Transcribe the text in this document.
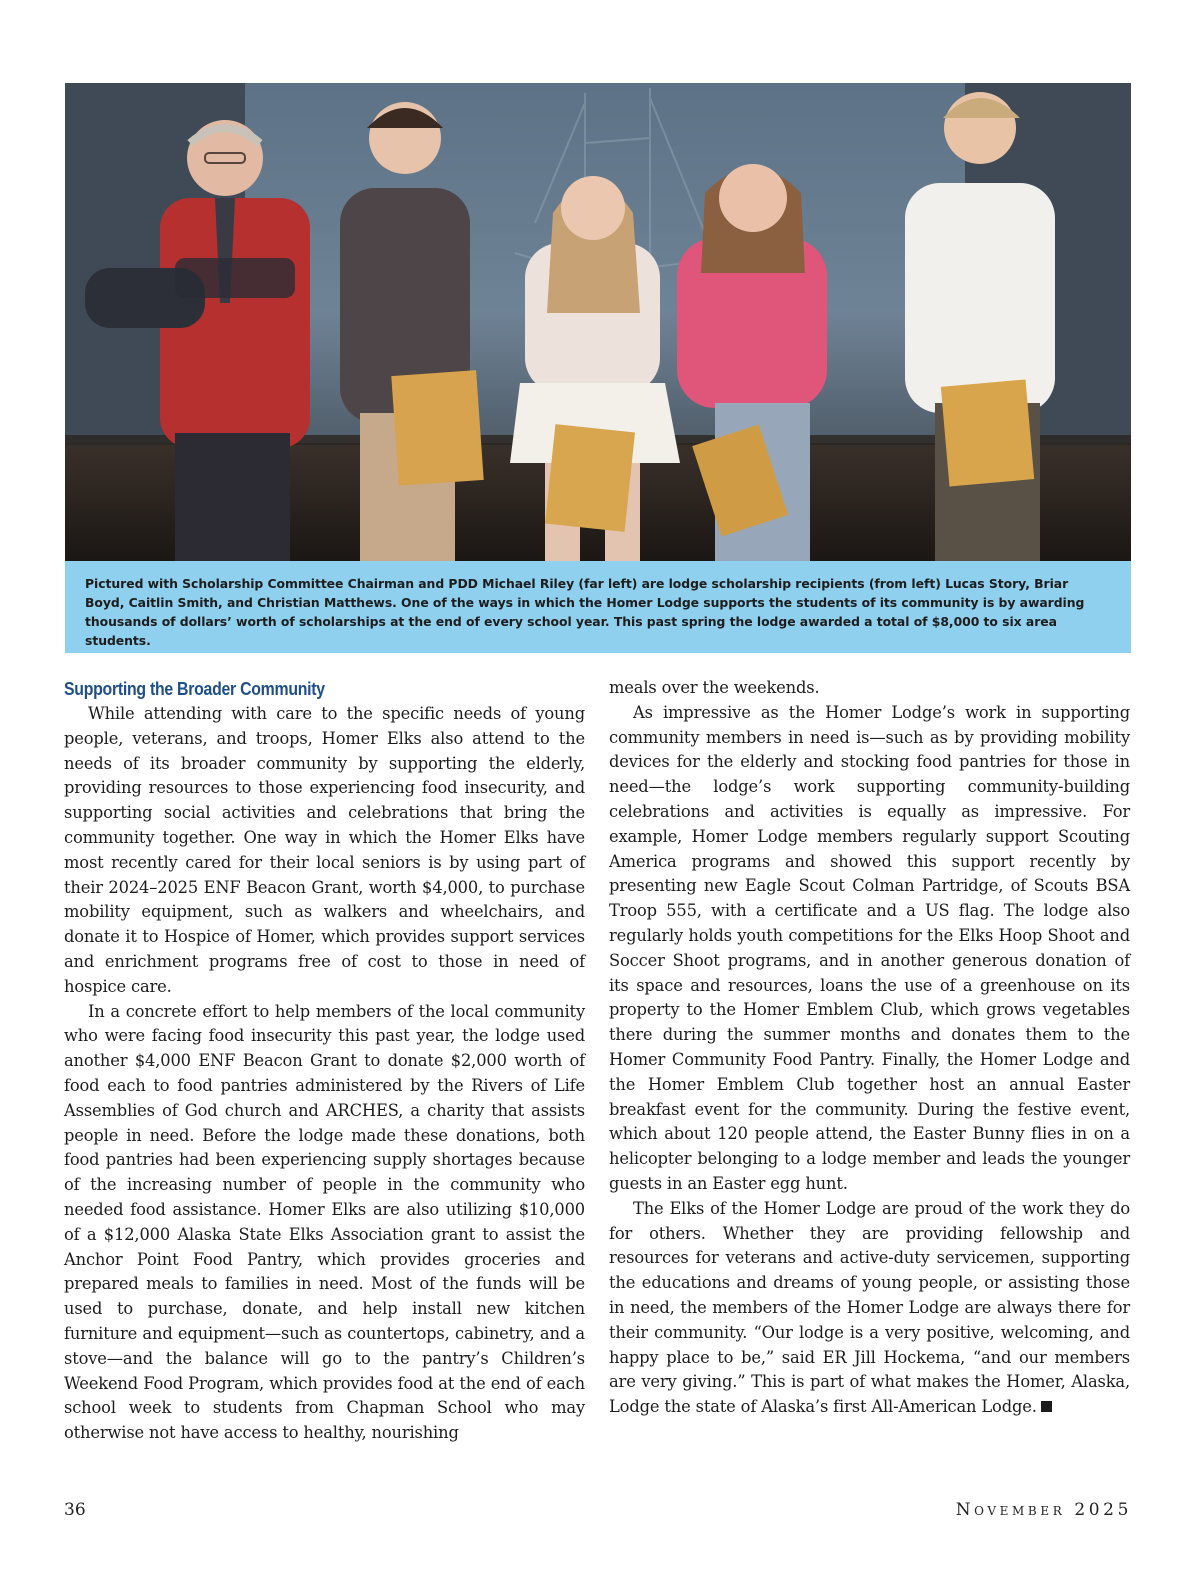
Pictured with Scholarship Committee Chairman and PDD Michael Riley (far left) are lodge scholarship recipients (from left) Lucas Story, Briar Boyd, Caitlin Smith, and Christian Matthews. One of the ways in which the Homer Lodge supports the students of its community is by awarding thousands of dollars’ worth of scholarships at the end of every school year. This past spring the lodge awarded a total of $8,000 to six area students.

Supporting the Broader Community

While attending with care to the specific needs of young people, veterans, and troops, Homer Elks also attend to the needs of its broader community by supporting the elderly, providing resources to those experiencing food insecurity, and supporting social activities and celebrations that bring the community together. One way in which the Homer Elks have most recently cared for their local seniors is by using part of their 2024–2025 ENF Beacon Grant, worth $4,000, to purchase mobility equipment, such as walkers and wheelchairs, and donate it to Hospice of Homer, which provides support services and enrichment programs free of cost to those in need of hospice care.

In a concrete effort to help members of the local community who were facing food insecurity this past year, the lodge used another $4,000 ENF Beacon Grant to donate $2,000 worth of food each to food pantries administered by the Rivers of Life Assemblies of God church and ARCHES, a charity that assists people in need. Before the lodge made these donations, both food pantries had been experiencing supply shortages because of the increasing number of people in the community who needed food assistance. Homer Elks are also utilizing $10,000 of a $12,000 Alaska State Elks Association grant to assist the Anchor Point Food Pantry, which provides groceries and prepared meals to families in need. Most of the funds will be used to purchase, donate, and help install new kitchen furniture and equipment—such as countertops, cabinetry, and a stove—and the balance will go to the pantry’s Children’s Weekend Food Program, which provides food at the end of each school week to students from Chapman School who may otherwise not have access to healthy, nourishing

meals over the weekends.

As impressive as the Homer Lodge’s work in supporting community members in need is—such as by providing mobility devices for the elderly and stocking food pantries for those in need—the lodge’s work supporting community-building celebrations and activities is equally as impressive. For example, Homer Lodge members regularly support Scouting America programs and showed this support recently by presenting new Eagle Scout Colman Partridge, of Scouts BSA Troop 555, with a certificate and a US flag. The lodge also regularly holds youth competitions for the Elks Hoop Shoot and Soccer Shoot programs, and in another generous donation of its space and resources, loans the use of a greenhouse on its property to the Homer Emblem Club, which grows vegetables there during the summer months and donates them to the Homer Community Food Pantry. Finally, the Homer Lodge and the Homer Emblem Club together host an annual Easter breakfast event for the community. During the festive event, which about 120 people attend, the Easter Bunny flies in on a helicopter belonging to a lodge member and leads the younger guests in an Easter egg hunt.

The Elks of the Homer Lodge are proud of the work they do for others. Whether they are providing fellowship and resources for veterans and active-duty servicemen, supporting the educations and dreams of young people, or assisting those in need, the members of the Homer Lodge are always there for their community. “Our lodge is a very positive, welcoming, and happy place to be,” said ER Jill Hockema, “and our members are very giving.” This is part of what makes the Homer, Alaska, Lodge the state of Alaska’s first All-American Lodge.

36	November 2025
